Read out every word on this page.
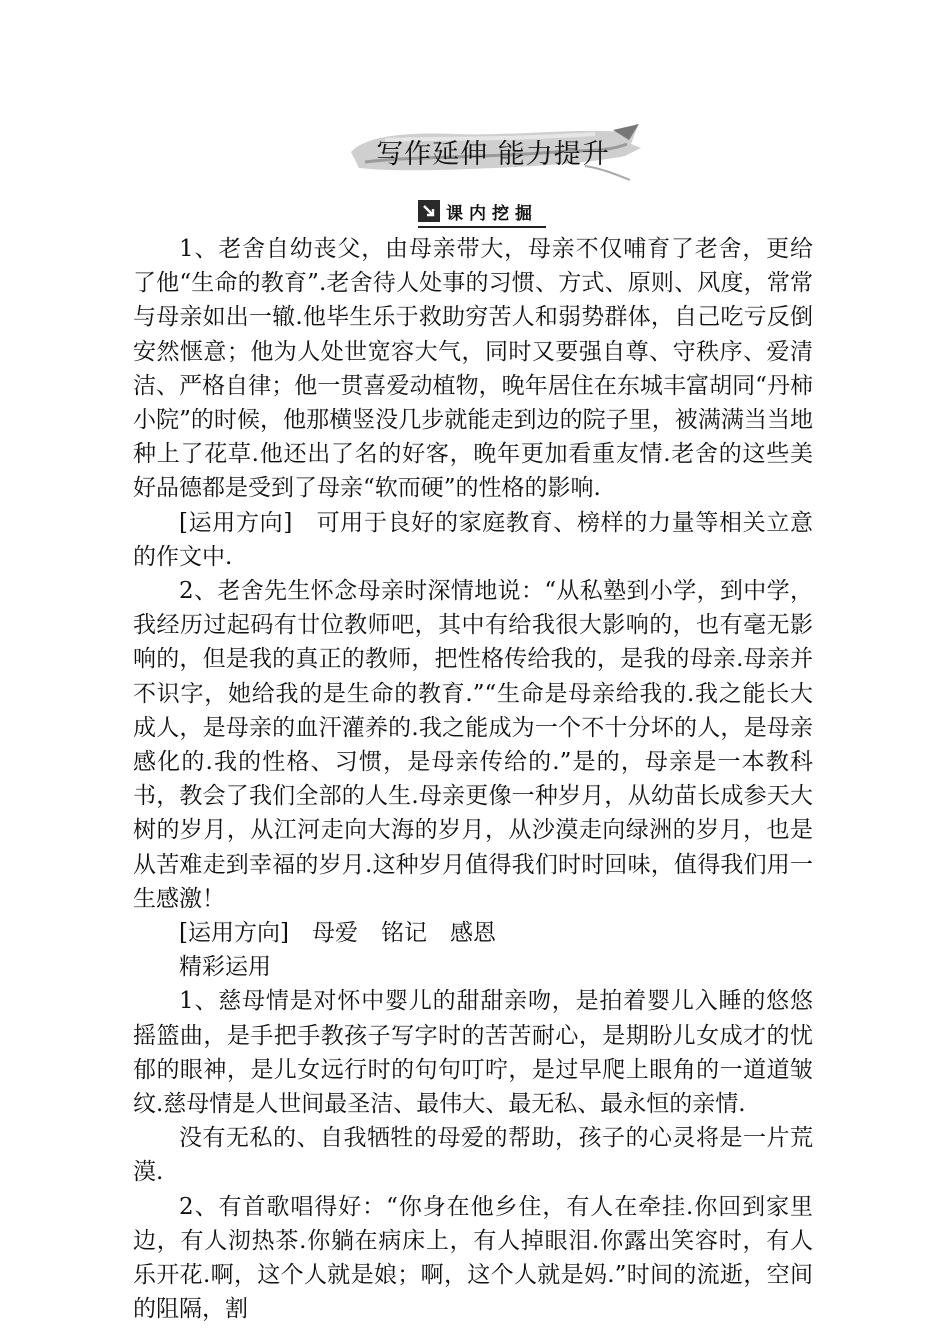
写作延伸 能力提升
课内挖掘

1、老舍自幼丧父，由母亲带大，母亲不仅哺育了老舍，更给了他“生命的教育”.老舍待人处事的习惯、方式、原则、风度，常常与母亲如出一辙.他毕生乐于救助穷苦人和弱势群体，自己吃亏反倒安然惬意；他为人处世宽容大气，同时又要强自尊、守秩序、爱清洁、严格自律；他一贯喜爱动植物，晚年居住在东城丰富胡同“丹柿小院”的时候，他那横竖没几步就能走到边的院子里，被满满当当地种上了花草.他还出了名的好客，晚年更加看重友情.老舍的这些美好品德都是受到了母亲“软而硬”的性格的影响.

[运用方向]　可用于良好的家庭教育、榜样的力量等相关立意的作文中.

2、老舍先生怀念母亲时深情地说：“从私塾到小学，到中学，我经历过起码有廿位教师吧，其中有给我很大影响的，也有毫无影响的，但是我的真正的教师，把性格传给我的，是我的母亲.母亲并不识字，她给我的是生命的教育.”“生命是母亲给我的.我之能长大成人，是母亲的血汗灌养的.我之能成为一个不十分坏的人，是母亲感化的.我的性格、习惯，是母亲传给的.”是的，母亲是一本教科书，教会了我们全部的人生.母亲更像一种岁月，从幼苗长成参天大树的岁月，从江河走向大海的岁月，从沙漠走向绿洲的岁月，也是从苦难走到幸福的岁月.这种岁月值得我们时时回味，值得我们用一生感激！

[运用方向]　母爱　铭记　感恩

精彩运用

1、慈母情是对怀中婴儿的甜甜亲吻，是拍着婴儿入睡的悠悠摇篮曲，是手把手教孩子写字时的苦苦耐心，是期盼儿女成才的忧郁的眼神，是儿女远行时的句句叮咛，是过早爬上眼角的一道道皱纹.慈母情是人世间最圣洁、最伟大、最无私、最永恒的亲情.

没有无私的、自我牺牲的母爱的帮助，孩子的心灵将是一片荒漠.

2、有首歌唱得好：“你身在他乡住，有人在牵挂.你回到家里边，有人沏热茶.你躺在病床上，有人掉眼泪.你露出笑容时，有人乐开花.啊，这个人就是娘；啊，这个人就是妈.”时间的流逝，空间的阻隔，割
